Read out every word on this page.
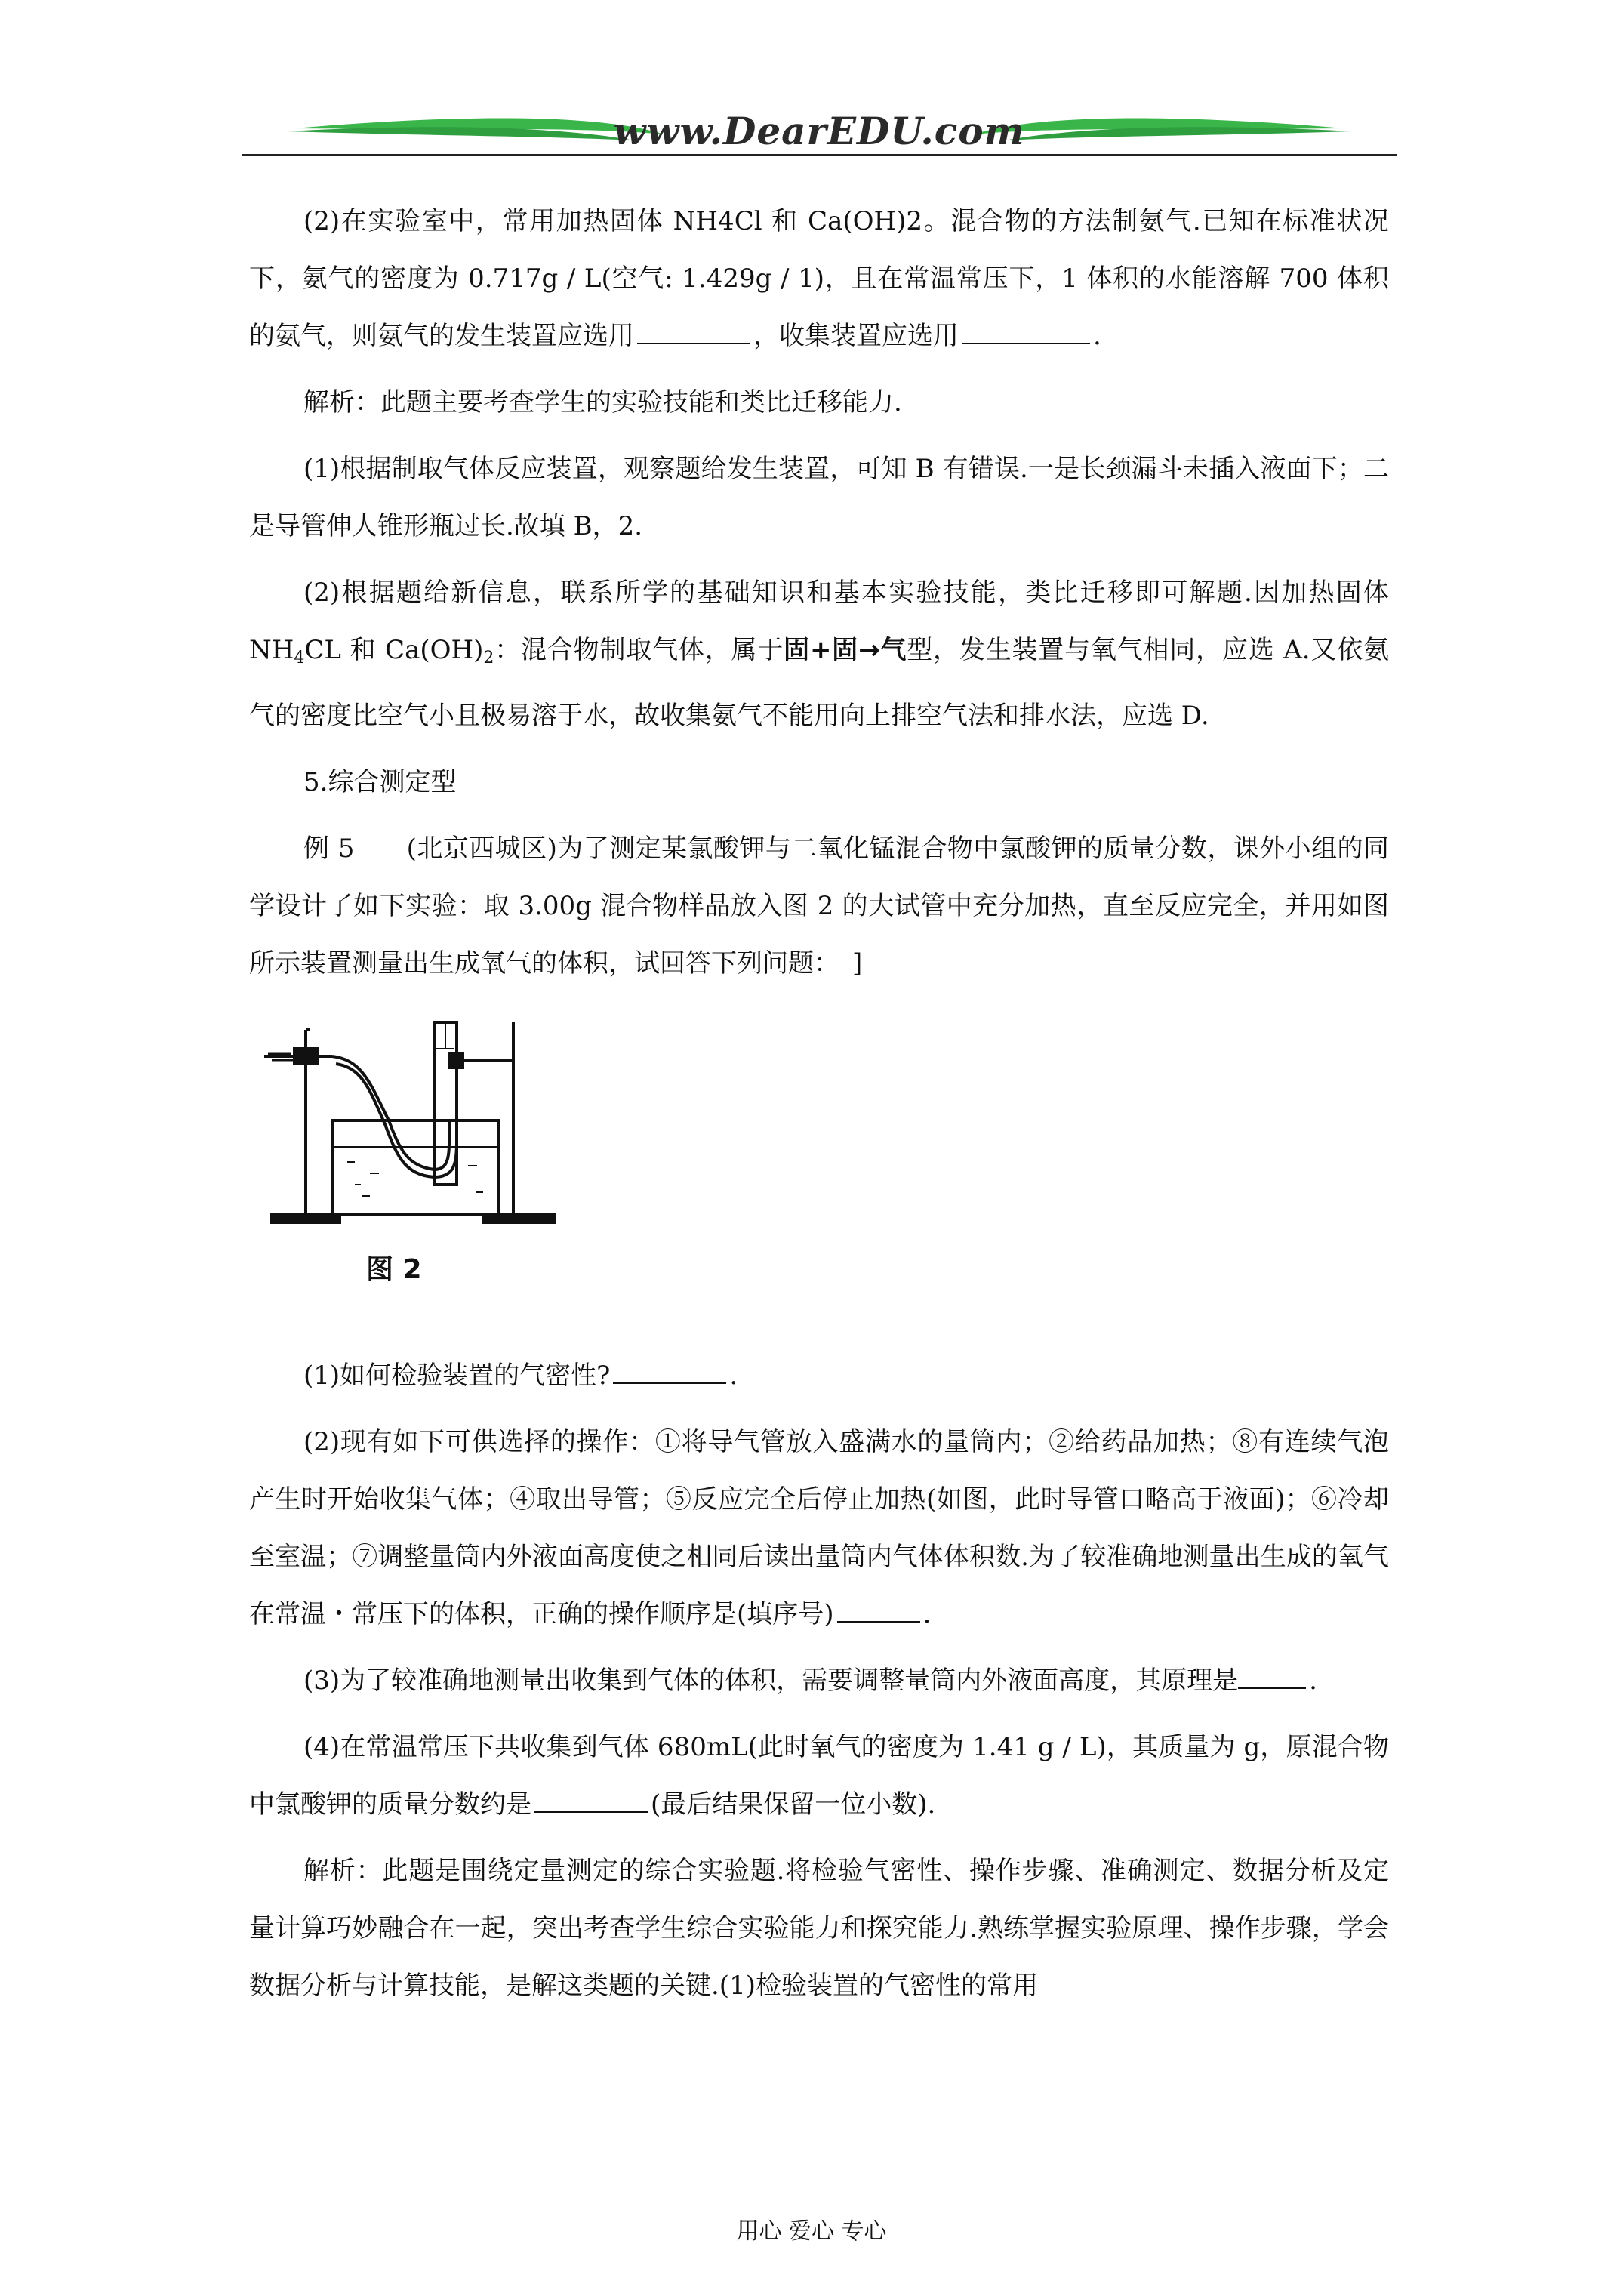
www.DearEDU.com

(2)在实验室中，常用加热固体 NH4Cl 和 Ca(OH)2。混合物的方法制氨气.已知在标准状况下，氨气的密度为 0.717g / L(空气: 1.429g / 1)，且在常温常压下，1 体积的水能溶解 700 体积的氨气，则氨气的发生装置应选用	，收集装置应选用	.

解析：此题主要考查学生的实验技能和类比迁移能力.

(1)根据制取气体反应装置，观察题给发生装置，可知 B 有错误.一是长颈漏斗未插入液面下；二是导管伸人锥形瓶过长.故填 B，2.

(2)根据题给新信息，联系所学的基础知识和基本实验技能，类比迁移即可解题.因加热固体 $NH_4CL$ 和 $Ca(OH)_2$：混合物制取气体，属于固+固→气型，发生装置与氧气相同，应选 A.又依氨气的密度比空气小且极易溶于水，故收集氨气不能用向上排空气法和排水法，应选 D.

5.综合测定型

例 5　　(北京西城区)为了测定某氯酸钾与二氧化锰混合物中氯酸钾的质量分数，课外小组的同学设计了如下实验：取 3.00g 混合物样品放入图 2 的大试管中充分加热，直至反应完全，并用如图所示装置测量出生成氧气的体积，试回答下列问题：　]

图 2

(1)如何检验装置的气密性?	.

(2)现有如下可供选择的操作：①将导气管放入盛满水的量筒内；②给药品加热；⑧有连续气泡产生时开始收集气体；④取出导管；⑤反应完全后停止加热(如图，此时导管口略高于液面)；⑥冷却至室温；⑦调整量筒内外液面高度使之相同后读出量筒内气体体积数.为了较准确地测量出生成的氧气在常温・常压下的体积，正确的操作顺序是(填序号)	.

(3)为了较准确地测量出收集到气体的体积，需要调整量筒内外液面高度，其原理是	.

(4)在常温常压下共收集到气体 680mL(此时氧气的密度为 1.41 g / L)，其质量为 g，原混合物中氯酸钾的质量分数约是	(最后结果保留一位小数).

解析：此题是围绕定量测定的综合实验题.将检验气密性、操作步骤、准确测定、数据分析及定量计算巧妙融合在一起，突出考查学生综合实验能力和探究能力.熟练掌握实验原理、操作步骤，学会数据分析与计算技能，是解这类题的关键.(1)检验装置的气密性的常用

用心 爱心 专心
